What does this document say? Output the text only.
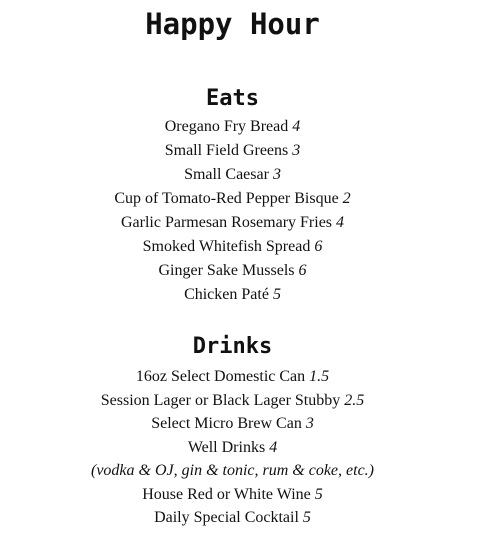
Happy Hour
Eats
Oregano Fry Bread 4
Small Field Greens 3
Small Caesar 3
Cup of Tomato-Red Pepper Bisque 2
Garlic Parmesan Rosemary Fries 4
Smoked Whitefish Spread 6
Ginger Sake Mussels 6
Chicken Paté 5
Drinks
16oz Select Domestic Can 1.5
Session Lager or Black Lager Stubby 2.5
Select Micro Brew Can 3
Well Drinks 4
(vodka & OJ, gin & tonic, rum & coke, etc.)
House Red or White Wine 5
Daily Special Cocktail 5
